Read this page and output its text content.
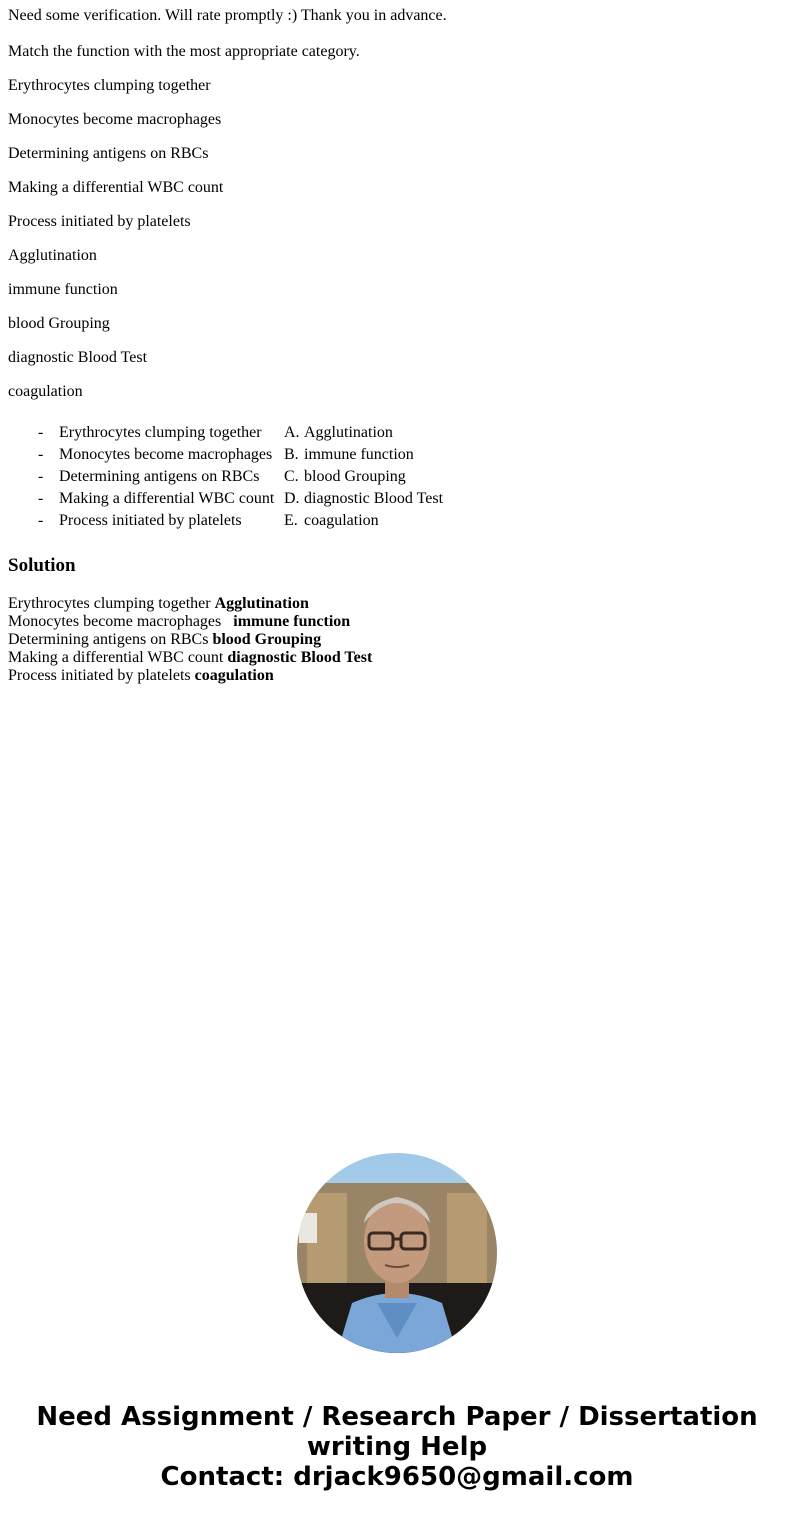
Need some verification. Will rate promptly :) Thank you in advance.

Match the function with the most appropriate category.

Erythrocytes clumping together

Monocytes become macrophages

Determining antigens on RBCs

Making a differential WBC count

Process initiated by platelets

Agglutination

immune function

blood Grouping

diagnostic Blood Test

coagulation

-	Erythrocytes clumping together	A.	Agglutination
-	Monocytes become macrophages	B.	immune function
-	Determining antigens on RBCs	C.	blood Grouping
-	Making a differential WBC count	D.	diagnostic Blood Test
-	Process initiated by platelets	E.	coagulation
Solution
Erythrocytes clumping together Agglutination
Monocytes become macrophages   immune function
Determining antigens on RBCs blood Grouping
Making a differential WBC count diagnostic Blood Test
Process initiated by platelets coagulation
Need Assignment / Research Paper / Dissertation
writing Help
Contact: drjack9650@gmail.com
